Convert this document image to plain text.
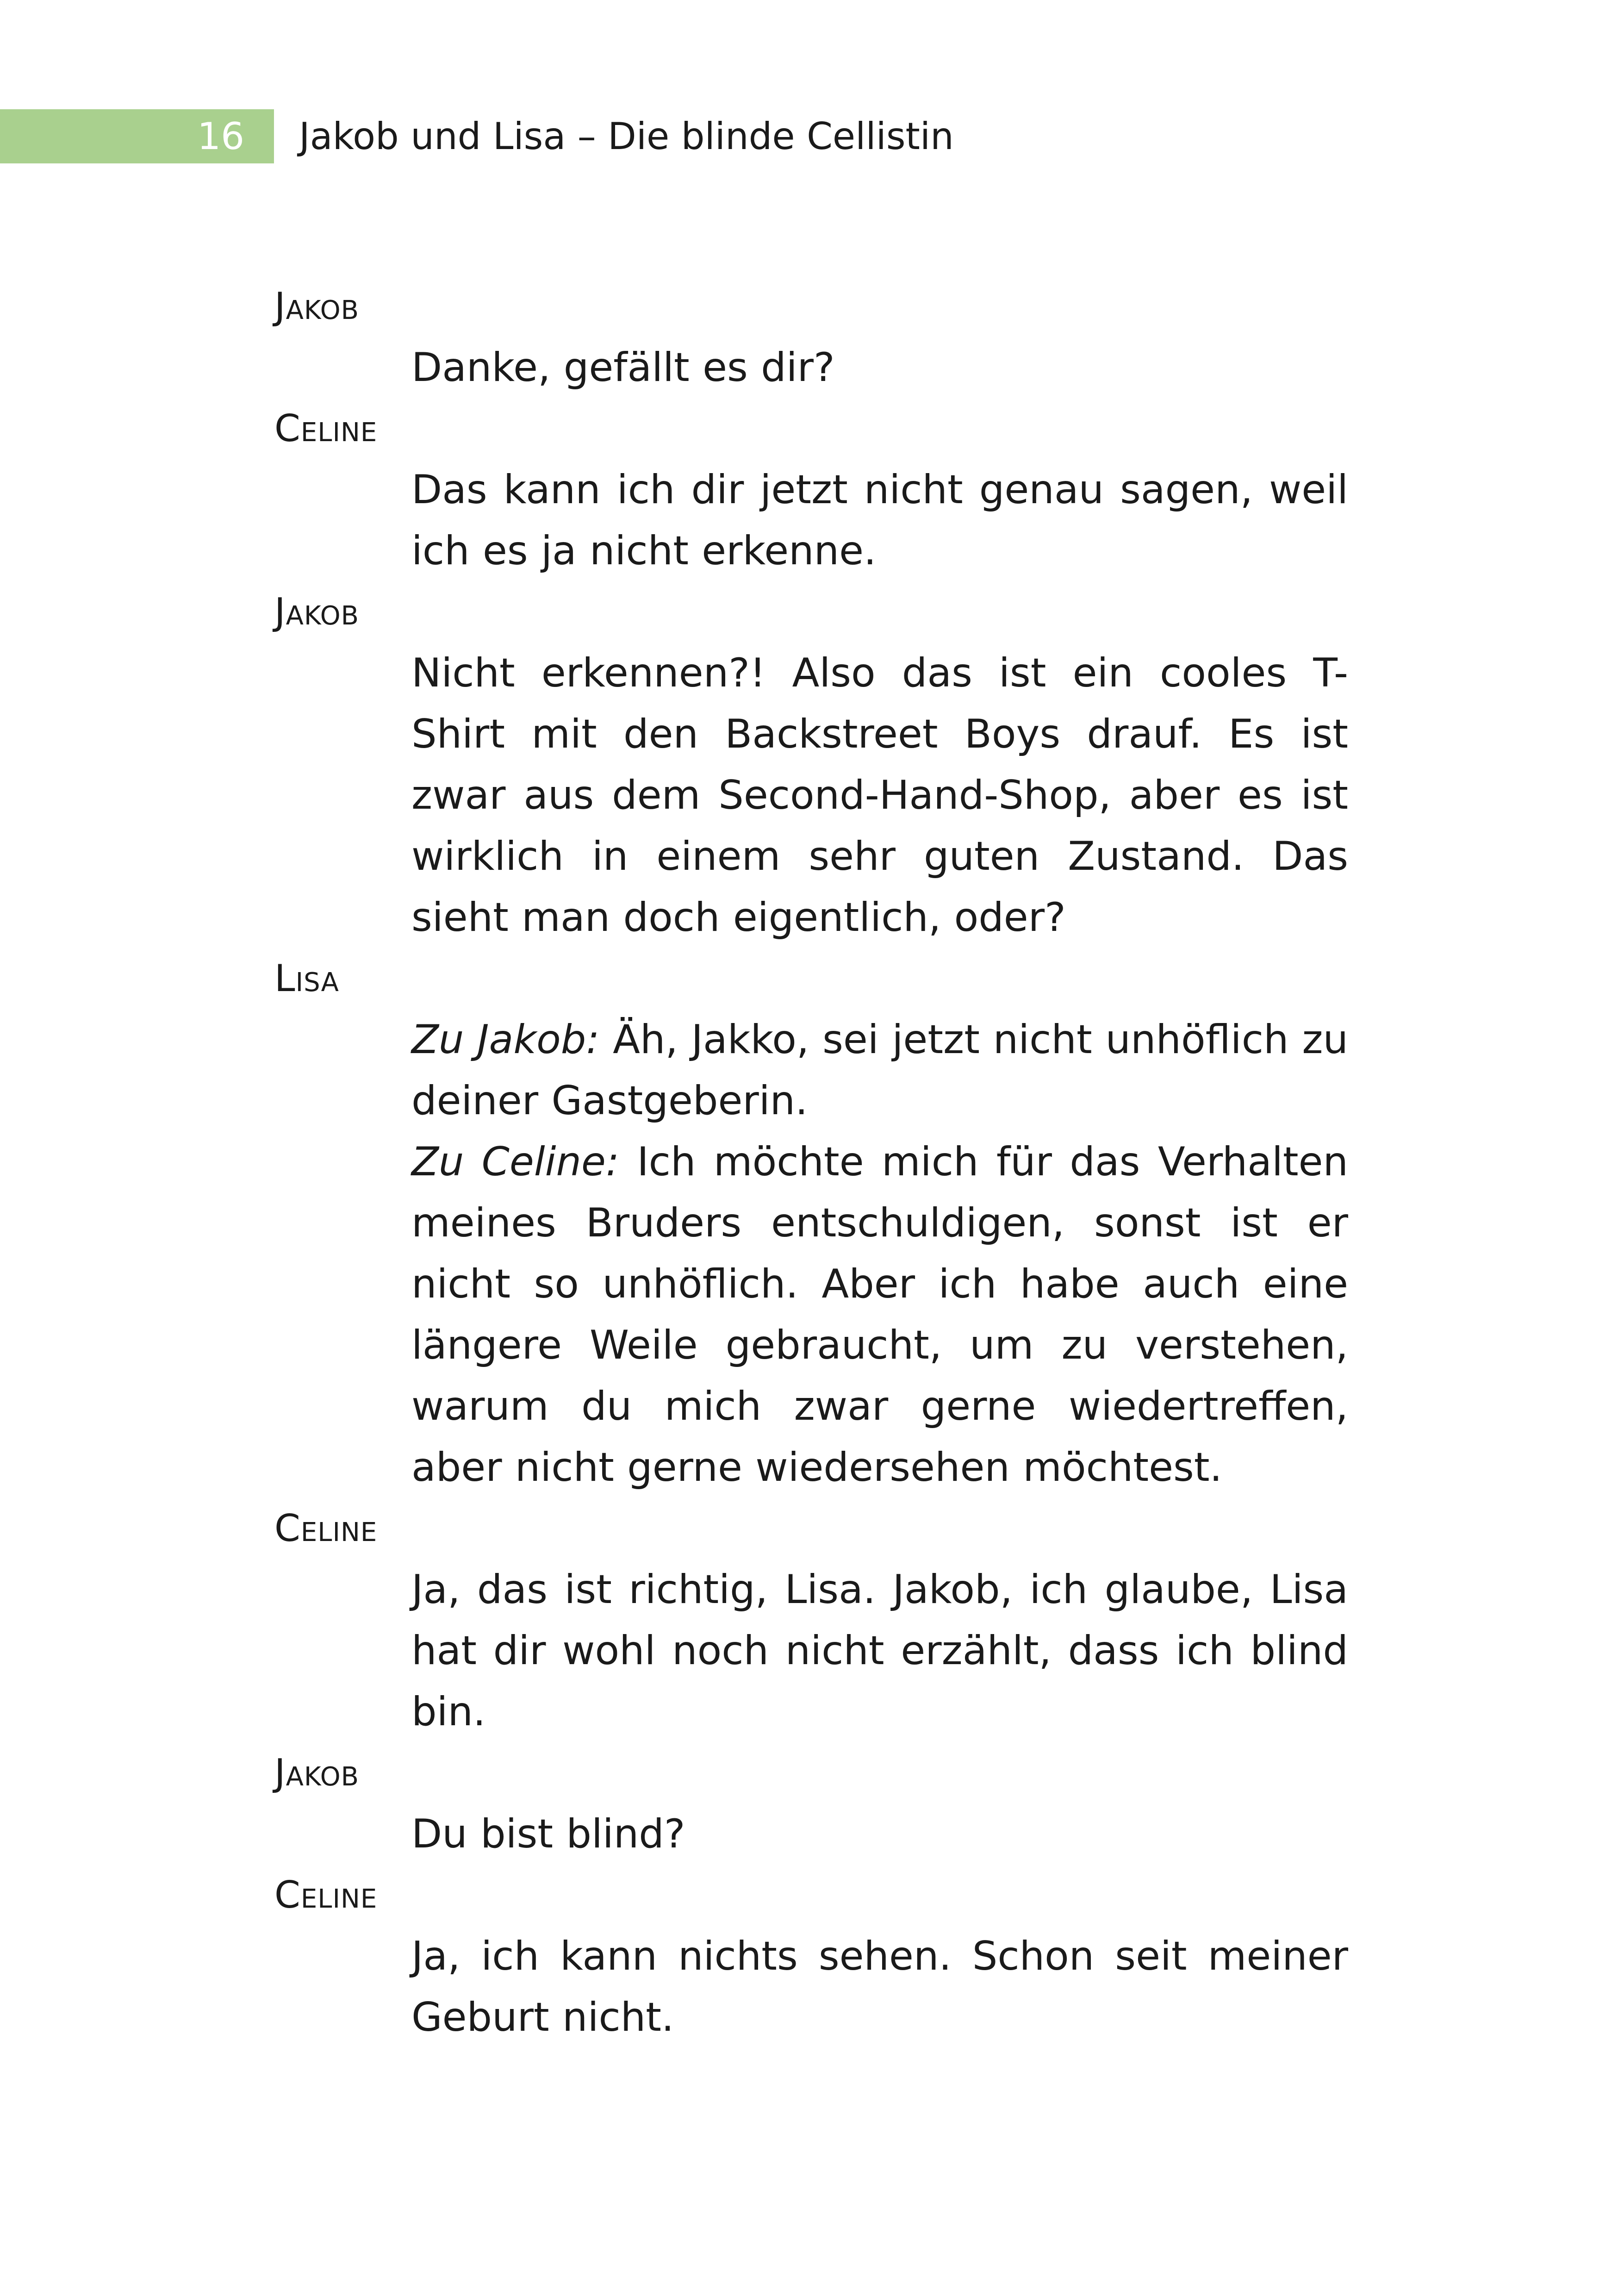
16 Jakob und Lisa – Die blinde Cellistin
Jakob

Danke, gefällt es dir?

Celine

Das kann ich dir jetzt nicht genau sagen, weil ich es ja nicht erkenne.

Jakob

Nicht erkennen?! Also das ist ein cooles T-Shirt mit den Backstreet Boys drauf. Es ist zwar aus dem Second-Hand-Shop, aber es ist wirklich in einem sehr guten Zustand. Das sieht man doch eigentlich, oder?

Lisa

Zu Jakob: Äh, Jakko, sei jetzt nicht unhöflich zu deiner Gastgeberin.

Zu Celine: Ich möchte mich für das Verhalten meines Bruders entschuldigen, sonst ist er nicht so unhöflich. Aber ich habe auch eine längere Weile gebraucht, um zu verstehen, warum du mich zwar gerne wiedertreffen, aber nicht gerne wiedersehen möchtest.

Celine

Ja, das ist richtig, Lisa. Jakob, ich glaube, Lisa hat dir wohl noch nicht erzählt, dass ich blind bin.

Jakob

Du bist blind?

Celine

Ja, ich kann nichts sehen. Schon seit meiner Geburt nicht.
